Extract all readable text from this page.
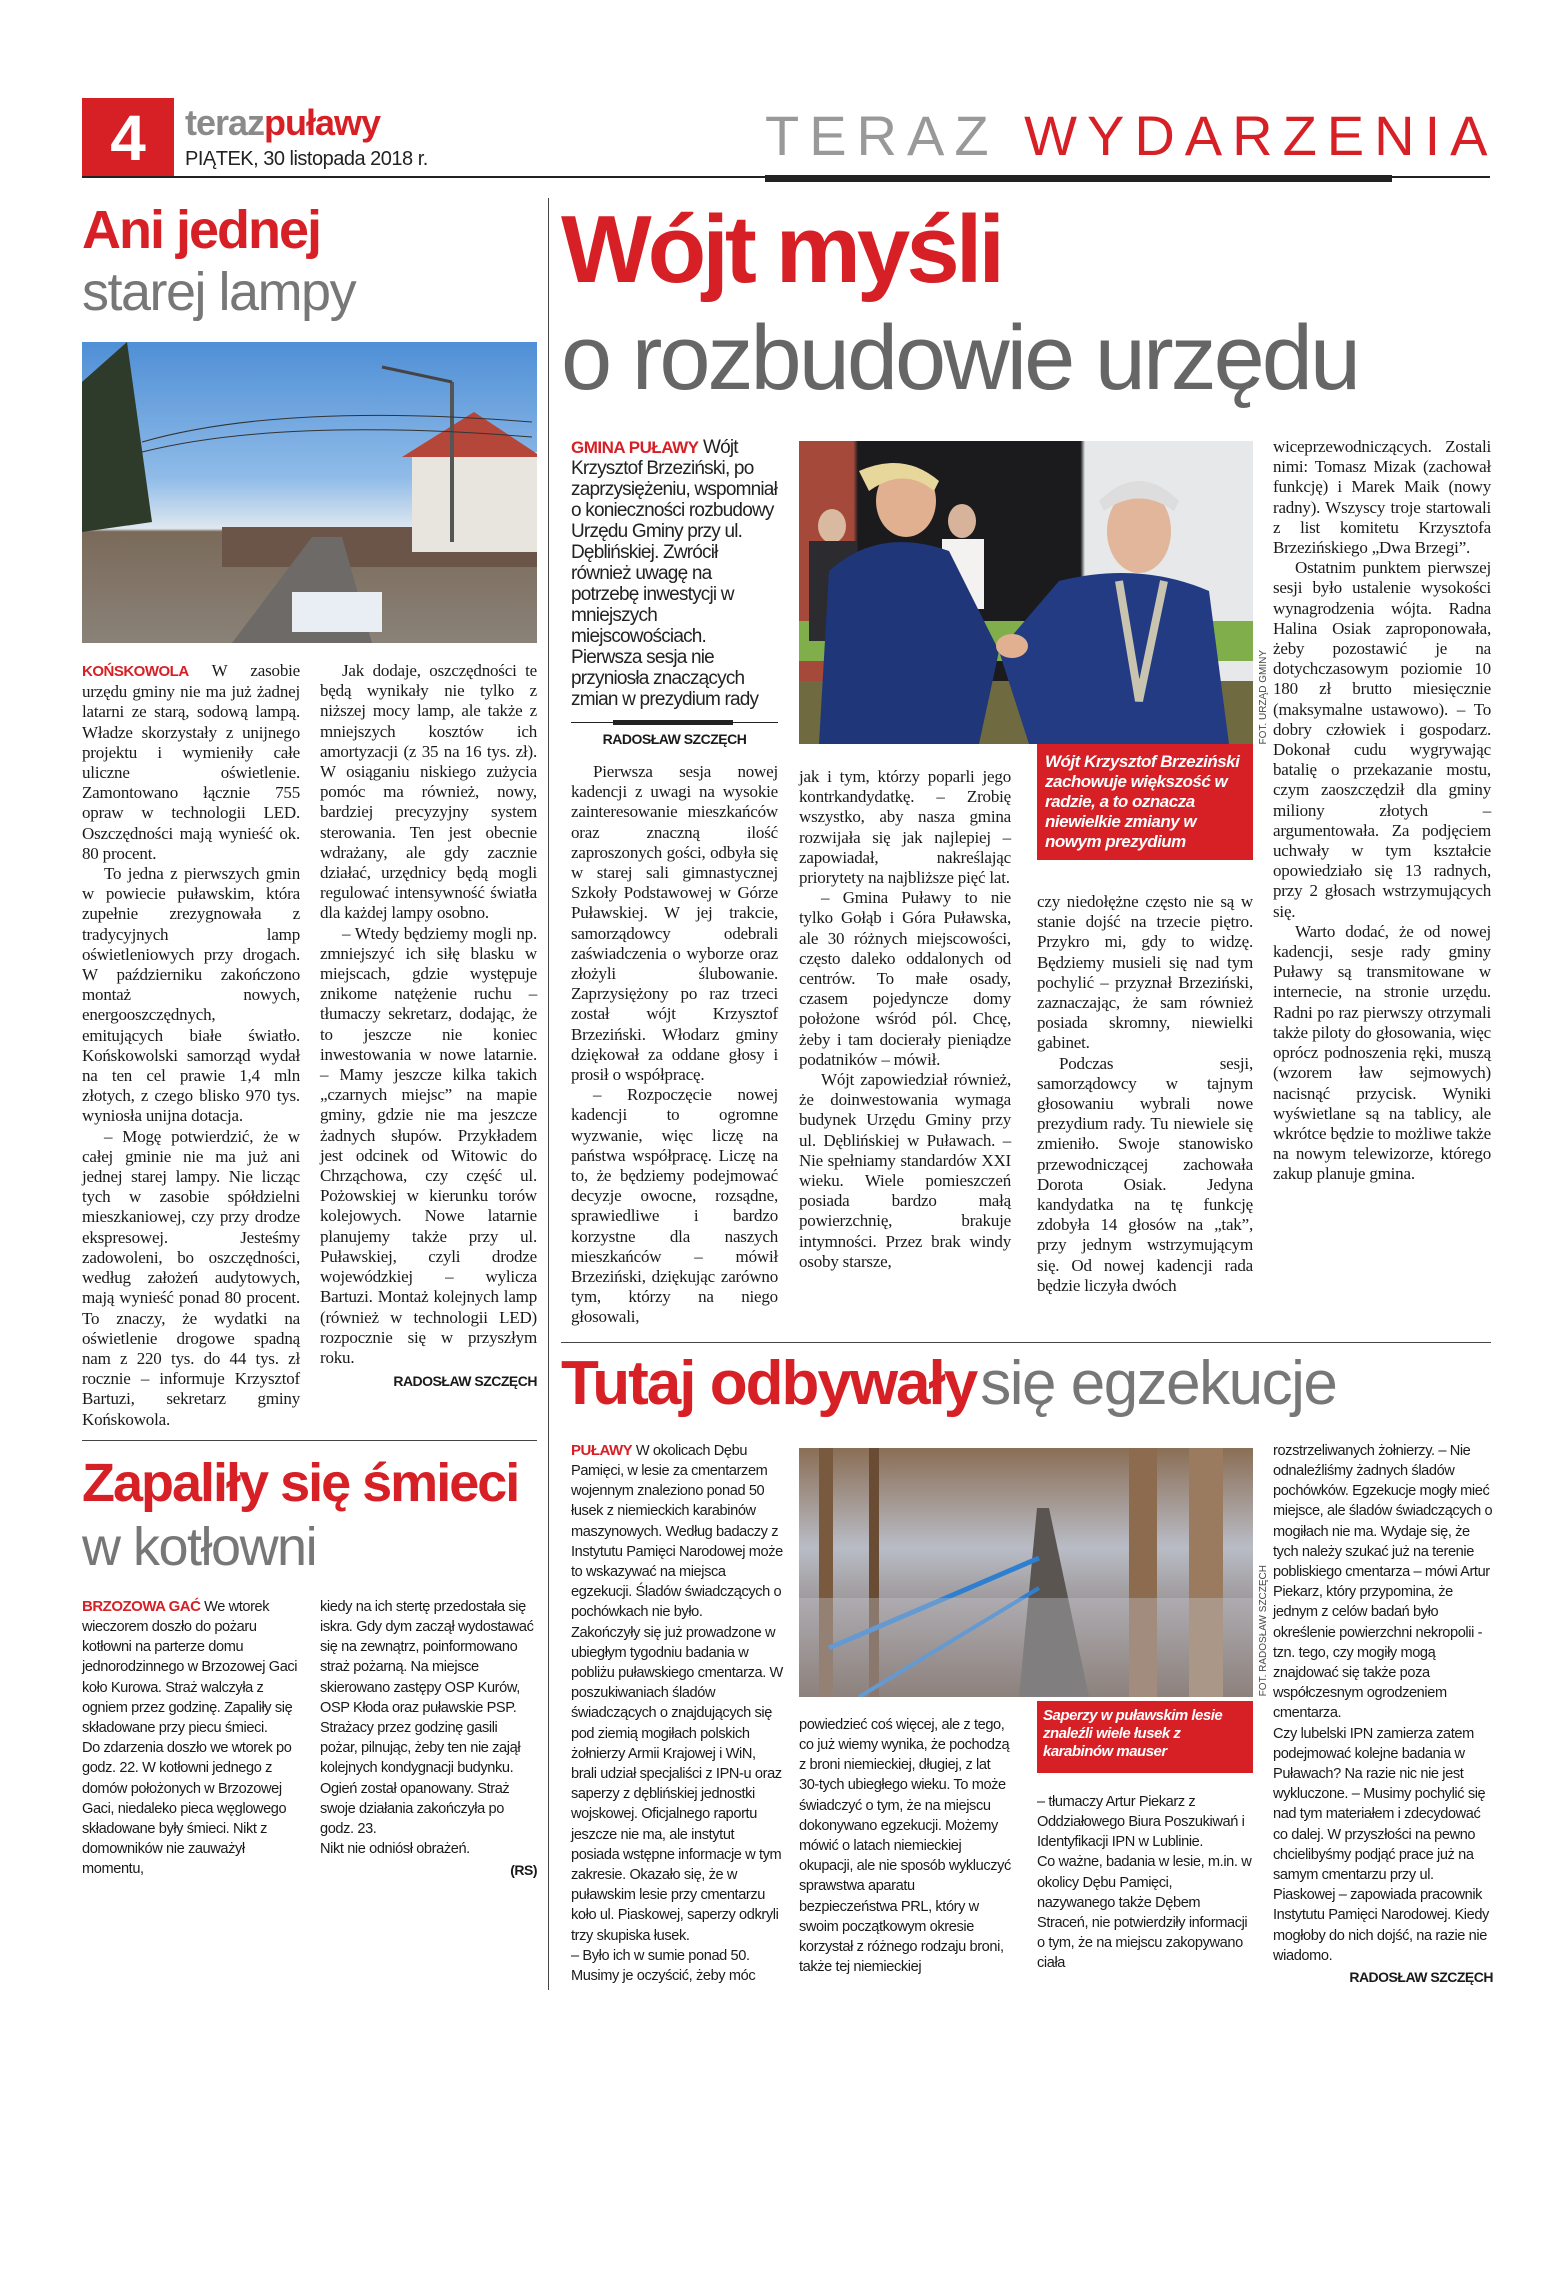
4	terazpuławy
PIĄTEK, 30 listopada 2018 r.	TERAZ WYDARZENIA
Ani jednej
starej lampy

KOŃSKOWOLA W zasobie urzędu gminy nie ma już żadnej latarni ze starą, sodową lampą. Władze skorzystały z unijnego projektu i wymieniły całe uliczne oświetlenie. Zamontowano łącznie 755 opraw w technologii LED. Oszczędności mają wynieść ok. 80 procent.

To jedna z pierwszych gmin w powiecie puławskim, która zupełnie zrezygnowała z tradycyjnych lamp oświetleniowych przy drogach. W październiku zakończono montaż nowych, energooszczędnych, emitujących białe światło. Końskowolski samorząd wydał na ten cel prawie 1,4 mln złotych, z czego blisko 970 tys. wyniosła unijna dotacja.

– Mogę potwierdzić, że w całej gminie nie ma już ani jednej starej lampy. Nie licząc tych w zasobie spółdzielni mieszkaniowej, czy przy drodze ekspresowej. Jesteśmy zadowoleni, bo oszczędności, według założeń audytowych, mają wynieść ponad 80 procent. To znaczy, że wydatki na oświetlenie drogowe spadną nam z 220 tys. do 44 tys. zł rocznie – informuje Krzysztof Bartuzi, sekretarz gminy Końskowola.

Jak dodaje, oszczędności te będą wynikały nie tylko z niższej mocy lamp, ale także z mniejszych kosztów ich amortyzacji (z 35 na 16 tys. zł). W osiąganiu niskiego zużycia pomóc ma również, nowy, bardziej precyzyjny system sterowania. Ten jest obecnie wdrażany, ale gdy zacznie działać, urzędnicy będą mogli regulować intensywność światła dla każdej lampy osobno.

– Wtedy będziemy mogli np. zmniejszyć ich siłę blasku w miejscach, gdzie występuje znikome natężenie ruchu – tłumaczy sekretarz, dodając, że to jeszcze nie koniec inwestowania w nowe latarnie. – Mamy jeszcze kilka takich „czarnych miejsc” na mapie gminy, gdzie nie ma jeszcze żadnych słupów. Przykładem jest odcinek od Witowic do Chrząchowa, czy część ul. Pożowskiej w kierunku torów kolejowych. Nowe latarnie planujemy także przy ul. Puławskiej, czyli drodze wojewódzkiej – wylicza Bartuzi. Montaż kolejnych lamp (również w technologii LED) rozpocznie się w przyszłym roku.

RADOSŁAW SZCZĘCH
Zapaliły się śmieci
w kotłowni

BRZOZOWA GAĆ We wtorek wieczorem doszło do pożaru kotłowni na parterze domu jednorodzinnego w Brzozowej Gaci koło Kurowa. Straż walczyła z ogniem przez godzinę. Zapaliły się składowane przy piecu śmieci.

Do zdarzenia doszło we wtorek po godz. 22. W kotłowni jednego z domów położonych w Brzozowej Gaci, niedaleko pieca węglowego składowane były śmieci. Nikt z domowników nie zauważył momentu,

kiedy na ich stertę przedostała się iskra. Gdy dym zaczął wydostawać się na zewnątrz, poinformowano straż pożarną. Na miejsce skierowano zastępy OSP Kurów, OSP Kłoda oraz puławskie PSP. Strażacy przez godzinę gasili pożar, pilnując, żeby ten nie zajął kolejnych kondygnacji budynku. Ogień został opanowany. Straż swoje działania zakończyła po godz. 23.

Nikt nie odniósł obrażeń.

(RS)
Wójt myśli
o rozbudowie urzędu
GMINA PUŁAWY Wójt Krzysztof Brzeziński, po zaprzysiężeniu, wspomniał o konieczności rozbudowy Urzędu Gminy przy ul. Dęblińskiej. Zwrócił również uwagę na potrzebę inwestycji w mniejszych miejscowościach. Pierwsza sesja nie przyniosła znaczących zmian w prezydium rady
RADOSŁAW SZCZĘCH

Pierwsza sesja nowej kadencji z uwagi na wysokie zainteresowanie mieszkańców oraz znaczną ilość zaproszonych gości, odbyła się w starej sali gimnastycznej Szkoły Podstawowej w Górze Puławskiej. W jej trakcie, samorządowcy odebrali zaświadczenia o wyborze oraz złożyli ślubowanie. Zaprzysiężony po raz trzeci został wójt Krzysztof Brzeziński. Włodarz gminy dziękował za oddane głosy i prosił o współpracę.

– Rozpoczęcie nowej kadencji to ogromne wyzwanie, więc liczę na państwa współpracę. Liczę na to, że będziemy podejmować decyzje owocne, rozsądne, sprawiedliwe i bardzo korzystne dla naszych mieszkańców – mówił Brzeziński, dziękując zarówno tym, którzy na niego głosowali,

FOT. URZĄD GMINY

jak i tym, którzy poparli jego kontrkandydatkę. – Zrobię wszystko, aby nasza gmina rozwijała się jak najlepiej – zapowiadał, nakreślając priorytety na najbliższe pięć lat.

– Gmina Puławy to nie tylko Gołąb i Góra Puławska, ale 30 różnych miejscowości, często daleko oddalonych od centrów. To małe osady, czasem pojedyncze domy położone wśród pól. Chcę, żeby i tam docierały pieniądze podatników – mówił.

Wójt zapowiedział również, że doinwestowania wymaga budynek Urzędu Gminy przy ul. Dęblińskiej w Puławach. – Nie spełniamy standardów XXI wieku. Wiele pomieszczeń posiada bardzo małą powierzchnię, brakuje intymności. Przez brak windy osoby starsze,

Wójt Krzysztof Brzeziński zachowuje większość w radzie, a to oznacza niewielkie zmiany w nowym prezydium

czy niedołężne często nie są w stanie dojść na trzecie piętro. Przykro mi, gdy to widzę. Będziemy musieli się nad tym pochylić – przyznał Brzeziński, zaznaczając, że sam również posiada skromny, niewielki gabinet.

Podczas sesji, samorządowcy w tajnym głosowaniu wybrali nowe prezydium rady. Tu niewiele się zmieniło. Swoje stanowisko przewodniczącej zachowała Dorota Osiak. Jedyna kandydatka na tę funkcję zdobyła 14 głosów na „tak”, przy jednym wstrzymującym się. Od nowej kadencji rada będzie liczyła dwóch

wiceprzewodniczących. Zostali nimi: Tomasz Mizak (zachował funkcję) i Marek Maik (nowy radny). Wszyscy troje startowali z list komitetu Krzysztofa Brzezińskiego „Dwa Brzegi”.

Ostatnim punktem pierwszej sesji było ustalenie wysokości wynagrodzenia wójta. Radna Halina Osiak zaproponowała, żeby pozostawić je na dotychczasowym poziomie 10 180 zł brutto miesięcznie (maksymalne ustawowo). – To dobry człowiek i gospodarz. Dokonał cudu wygrywając batalię o przekazanie mostu, czym zaoszczędził dla gminy miliony złotych – argumentowała. Za podjęciem uchwały w tym kształcie opowiedziało się 13 radnych, przy 2 głosach wstrzymujących się.

Warto dodać, że od nowej kadencji, sesje rady gminy Puławy są transmitowane w internecie, na stronie urzędu. Radni po raz pierwszy otrzymali także piloty do głosowania, więc oprócz podnoszenia ręki, muszą (wzorem ław sejmowych) nacisnąć przycisk. Wyniki wyświetlane są na tablicy, ale wkrótce będzie to możliwe także na nowym telewizorze, którego zakup planuje gmina.

Tutaj odbywały się egzekucje

PUŁAWY W okolicach Dębu Pamięci, w lesie za cmentarzem wojennym znaleziono ponad 50 łusek z niemieckich karabinów maszynowych. Według badaczy z Instytutu Pamięci Narodowej może to wskazywać na miejsca egzekucji. Śladów świadczących o pochówkach nie było.

Zakończyły się już prowadzone w ubiegłym tygodniu badania w pobliżu puławskiego cmentarza. W poszukiwaniach śladów świadczących o znajdujących się pod ziemią mogiłach polskich żołnierzy Armii Krajowej i WiN, brali udział specjaliści z IPN-u oraz saperzy z dęblińskiej jednostki wojskowej. Oficjalnego raportu jeszcze nie ma, ale instytut posiada wstępne informacje w tym zakresie. Okazało się, że w puławskim lesie przy cmentarzu koło ul. Piaskowej, saperzy odkryli trzy skupiska łusek.

– Było ich w sumie ponad 50. Musimy je oczyścić, żeby móc

FOT. RADOSŁAW SZCZĘCH

powiedzieć coś więcej, ale z tego, co już wiemy wynika, że pochodzą z broni niemieckiej, długiej, z lat 30-tych ubiegłego wieku. To może świadczyć o tym, że na miejscu dokonywano egzekucji. Możemy mówić o latach niemieckiej okupacji, ale nie sposób wykluczyć sprawstwa aparatu bezpieczeństwa PRL, który w swoim początkowym okresie korzystał z różnego rodzaju broni, także tej niemieckiej

Saperzy w puławskim lesie znaleźli wiele łusek z karabinów mauser

– tłumaczy Artur Piekarz z Oddziałowego Biura Poszukiwań i Identyfikacji IPN w Lublinie.

Co ważne, badania w lesie, m.in. w okolicy Dębu Pamięci, nazywanego także Dębem Straceń, nie potwierdziły informacji o tym, że na miejscu zakopywano ciała

rozstrzeliwanych żołnierzy. – Nie odnaleźliśmy żadnych śladów pochówków. Egzekucje mogły mieć miejsce, ale śladów świadczących o mogiłach nie ma. Wydaje się, że tych należy szukać już na terenie pobliskiego cmentarza – mówi Artur Piekarz, który przypomina, że jednym z celów badań było określenie powierzchni nekropolii - tzn. tego, czy mogiły mogą znajdować się także poza współczesnym ogrodzeniem cmentarza.

Czy lubelski IPN zamierza zatem podejmować kolejne badania w Puławach? Na razie nic nie jest wykluczone. – Musimy pochylić się nad tym materiałem i zdecydować co dalej. W przyszłości na pewno chcielibyśmy podjąć prace już na samym cmentarzu przy ul. Piaskowej – zapowiada pracownik Instytutu Pamięci Narodowej. Kiedy mogłoby do nich dojść, na razie nie wiadomo.

RADOSŁAW SZCZĘCH
